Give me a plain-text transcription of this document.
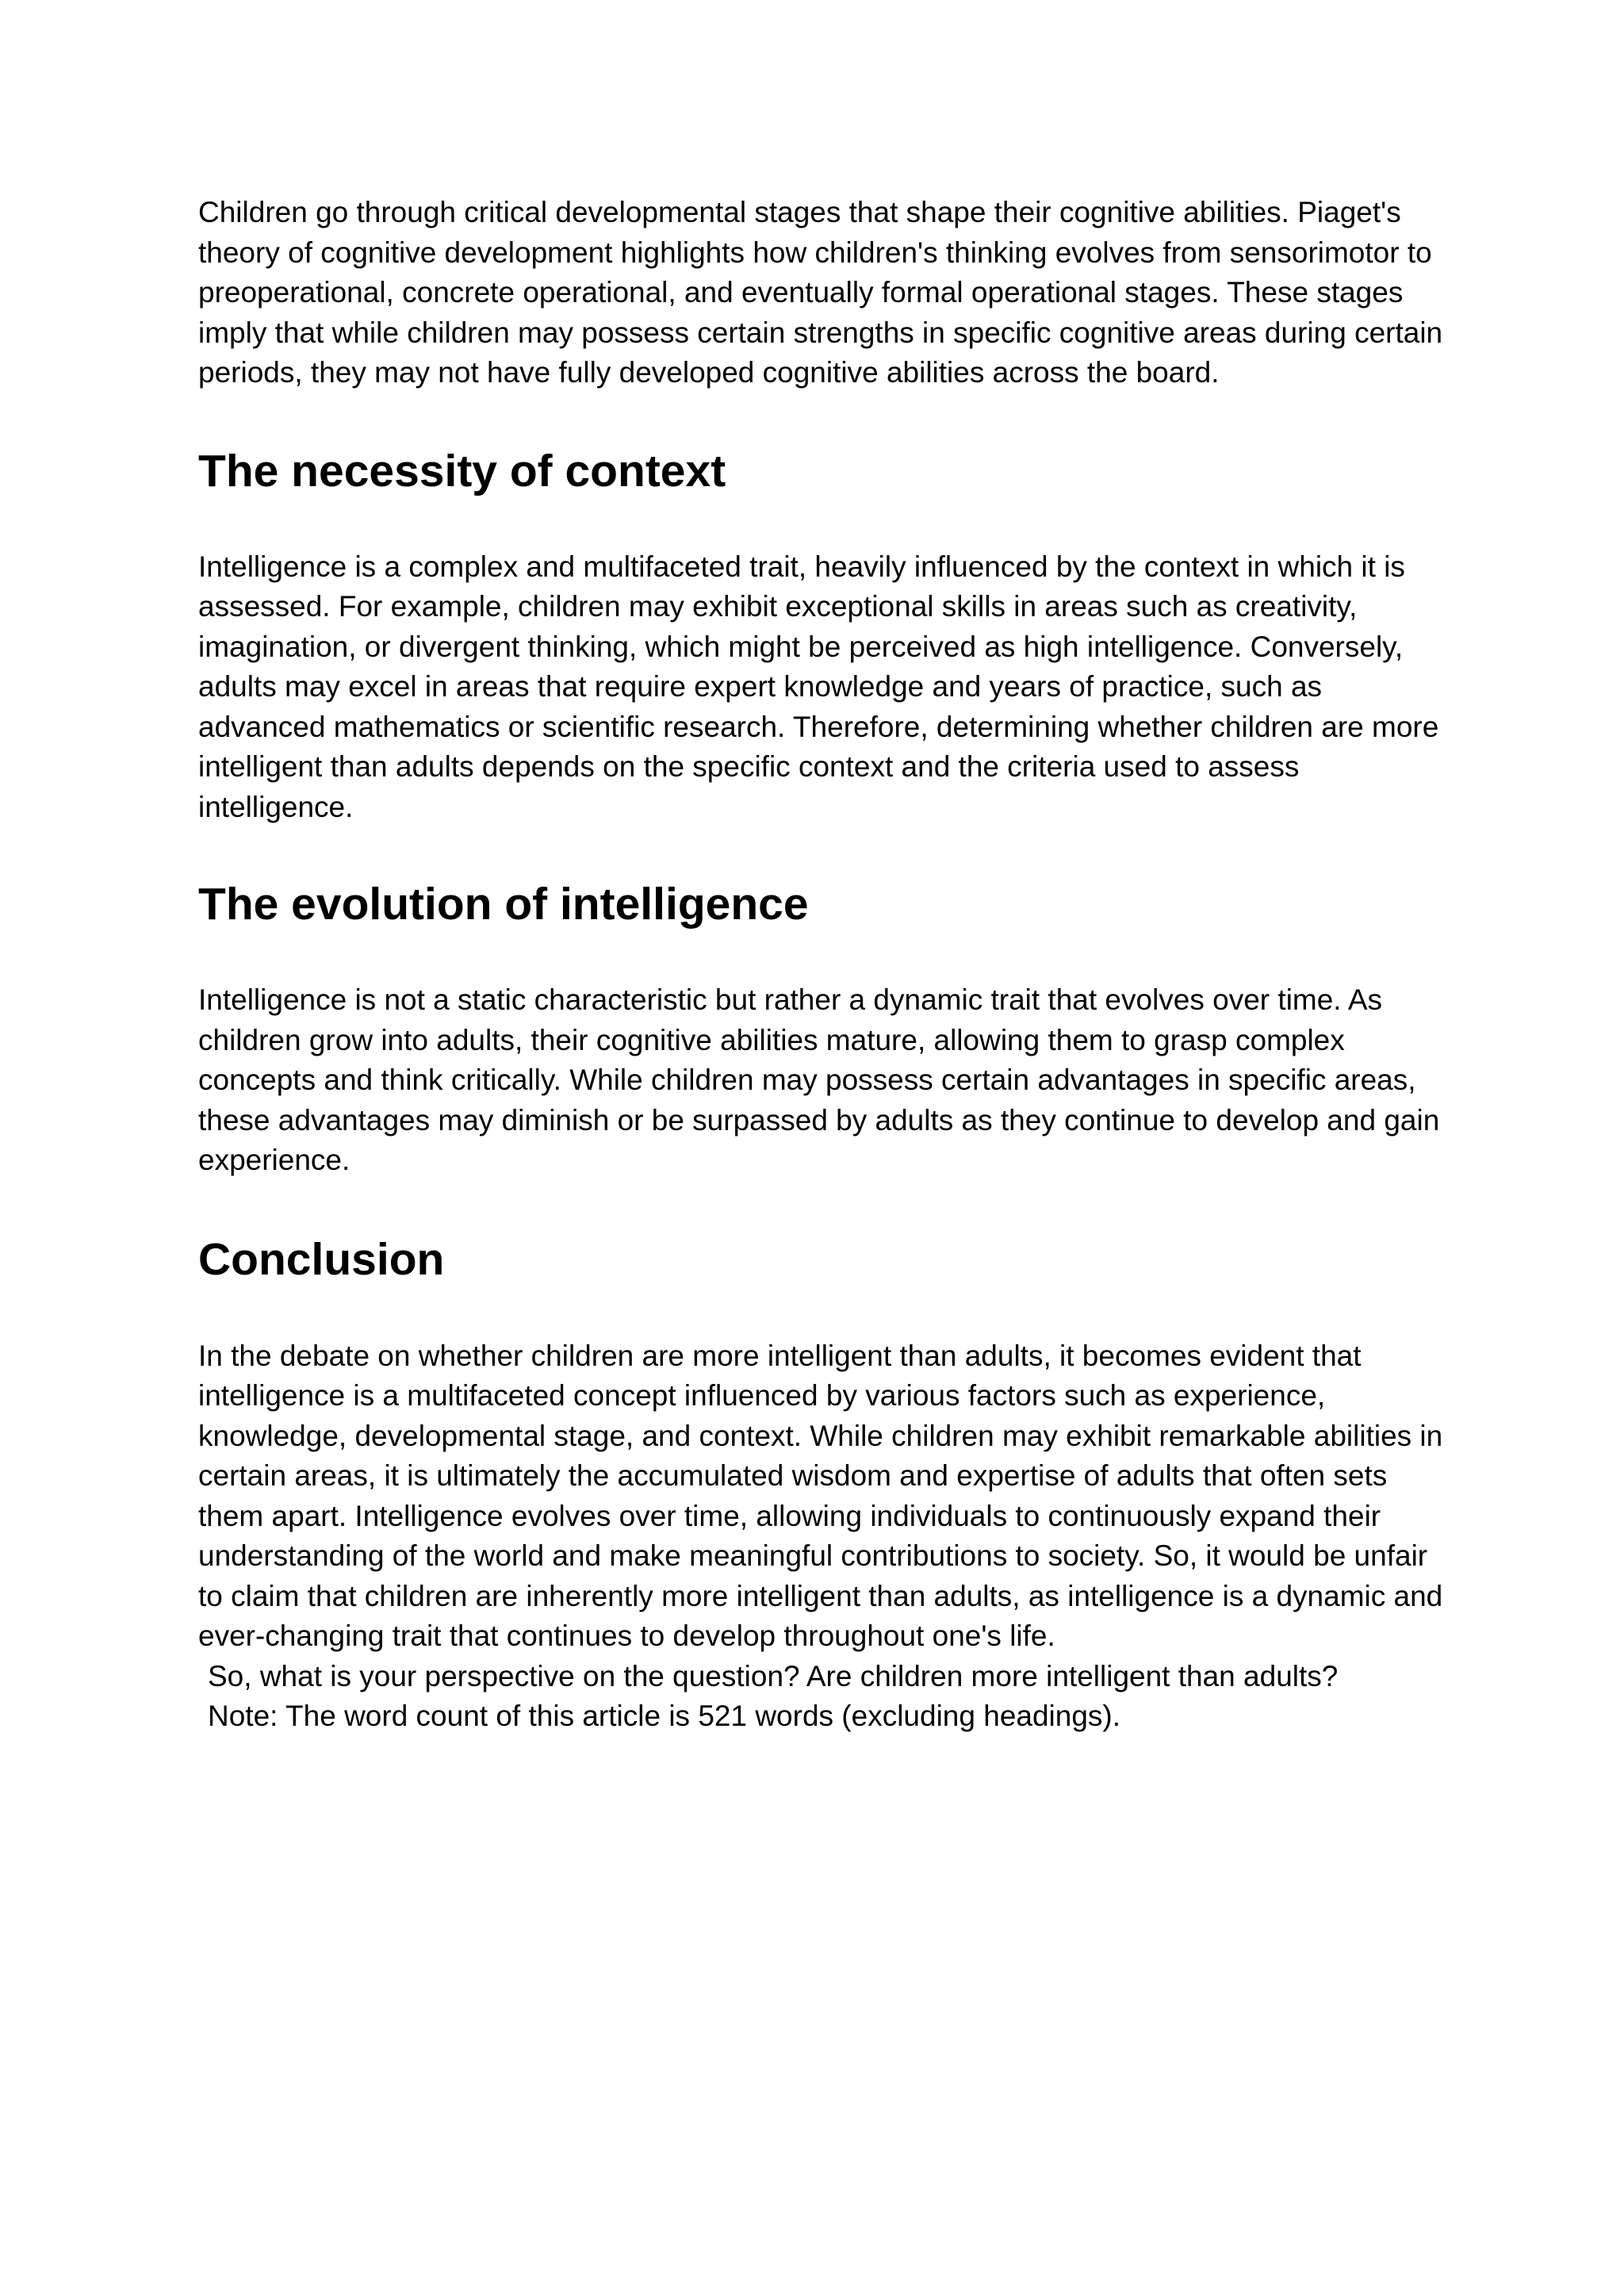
Children go through critical developmental stages that shape their cognitive abilities. Piaget's theory of cognitive development highlights how children's thinking evolves from sensorimotor to preoperational, concrete operational, and eventually formal operational stages. These stages imply that while children may possess certain strengths in specific cognitive areas during certain periods, they may not have fully developed cognitive abilities across the board.

The necessity of context

Intelligence is a complex and multifaceted trait, heavily influenced by the context in which it is assessed. For example, children may exhibit exceptional skills in areas such as creativity, imagination, or divergent thinking, which might be perceived as high intelligence. Conversely, adults may excel in areas that require expert knowledge and years of practice, such as advanced mathematics or scientific research. Therefore, determining whether children are more intelligent than adults depends on the specific context and the criteria used to assess intelligence.

The evolution of intelligence

Intelligence is not a static characteristic but rather a dynamic trait that evolves over time. As children grow into adults, their cognitive abilities mature, allowing them to grasp complex concepts and think critically. While children may possess certain advantages in specific areas, these advantages may diminish or be surpassed by adults as they continue to develop and gain experience.

Conclusion

In the debate on whether children are more intelligent than adults, it becomes evident that intelligence is a multifaceted concept influenced by various factors such as experience, knowledge, developmental stage, and context. While children may exhibit remarkable abilities in certain areas, it is ultimately the accumulated wisdom and expertise of adults that often sets them apart. Intelligence evolves over time, allowing individuals to continuously expand their understanding of the world and make meaningful contributions to society. So, it would be unfair to claim that children are inherently more intelligent than adults, as intelligence is a dynamic and ever-changing trait that continues to develop throughout one's life.

So, what is your perspective on the question? Are children more intelligent than adults?

Note: The word count of this article is 521 words (excluding headings).
